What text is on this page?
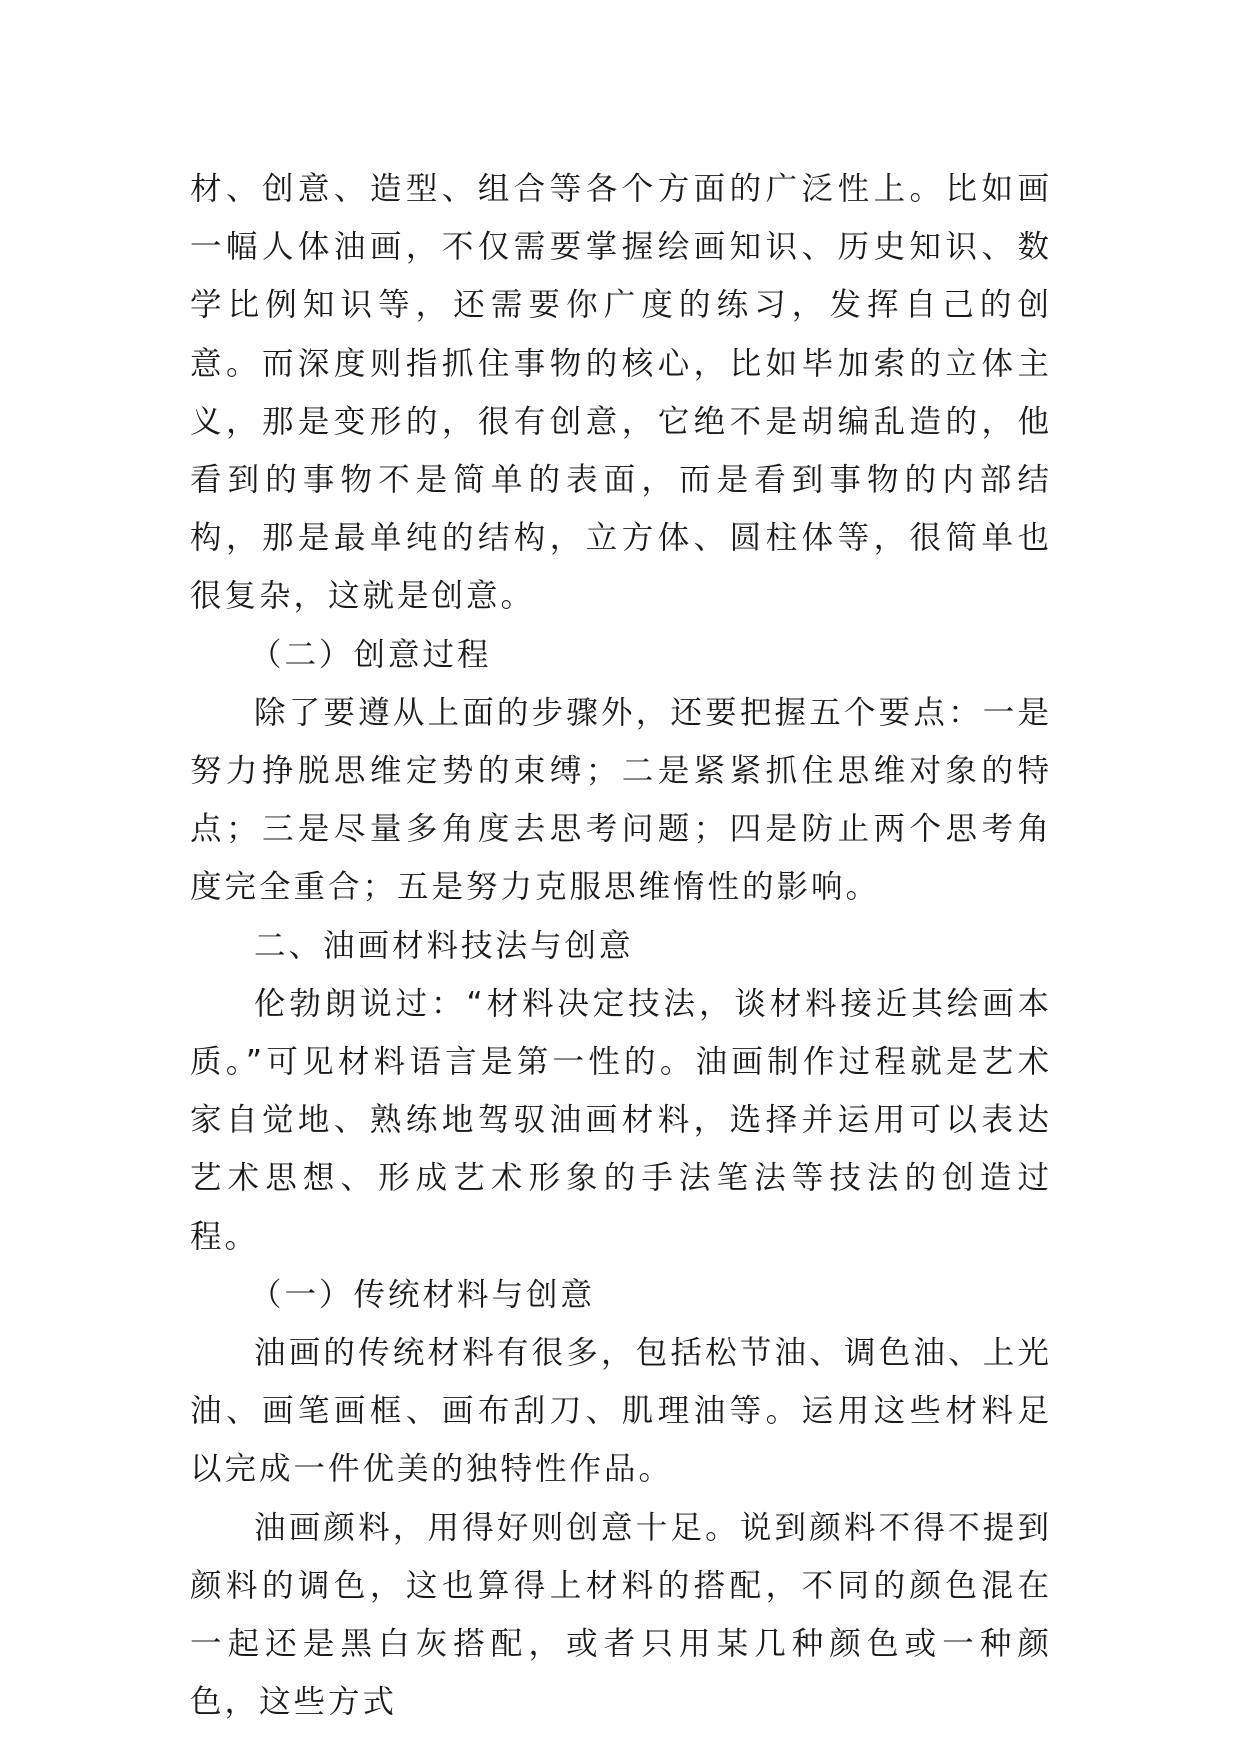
材、创意、造型、组合等各个方面的广泛性上。比如画一幅人体油画，不仅需要掌握绘画知识、历史知识、数学比例知识等，还需要你广度的练习，发挥自己的创意。而深度则指抓住事物的核心，比如毕加索的立体主义，那是变形的，很有创意，它绝不是胡编乱造的，他看到的事物不是简单的表面，而是看到事物的内部结构，那是最单纯的结构，立方体、圆柱体等，很简单也很复杂，这就是创意。

（二）创意过程

除了要遵从上面的步骤外，还要把握五个要点：一是努力挣脱思维定势的束缚；二是紧紧抓住思维对象的特点；三是尽量多角度去思考问题；四是防止两个思考角度完全重合；五是努力克服思维惰性的影响。

二、油画材料技法与创意

伦勃朗说过：“材料决定技法，谈材料接近其绘画本质。”可见材料语言是第一性的。油画制作过程就是艺术家自觉地、熟练地驾驭油画材料，选择并运用可以表达艺术思想、形成艺术形象的手法笔法等技法的创造过程。

（一）传统材料与创意

油画的传统材料有很多，包括松节油、调色油、上光油、画笔画框、画布刮刀、肌理油等。运用这些材料足以完成一件优美的独特性作品。

油画颜料，用得好则创意十足。说到颜料不得不提到颜料的调色，这也算得上材料的搭配，不同的颜色混在一起还是黑白灰搭配，或者只用某几种颜色或一种颜色，这些方式
